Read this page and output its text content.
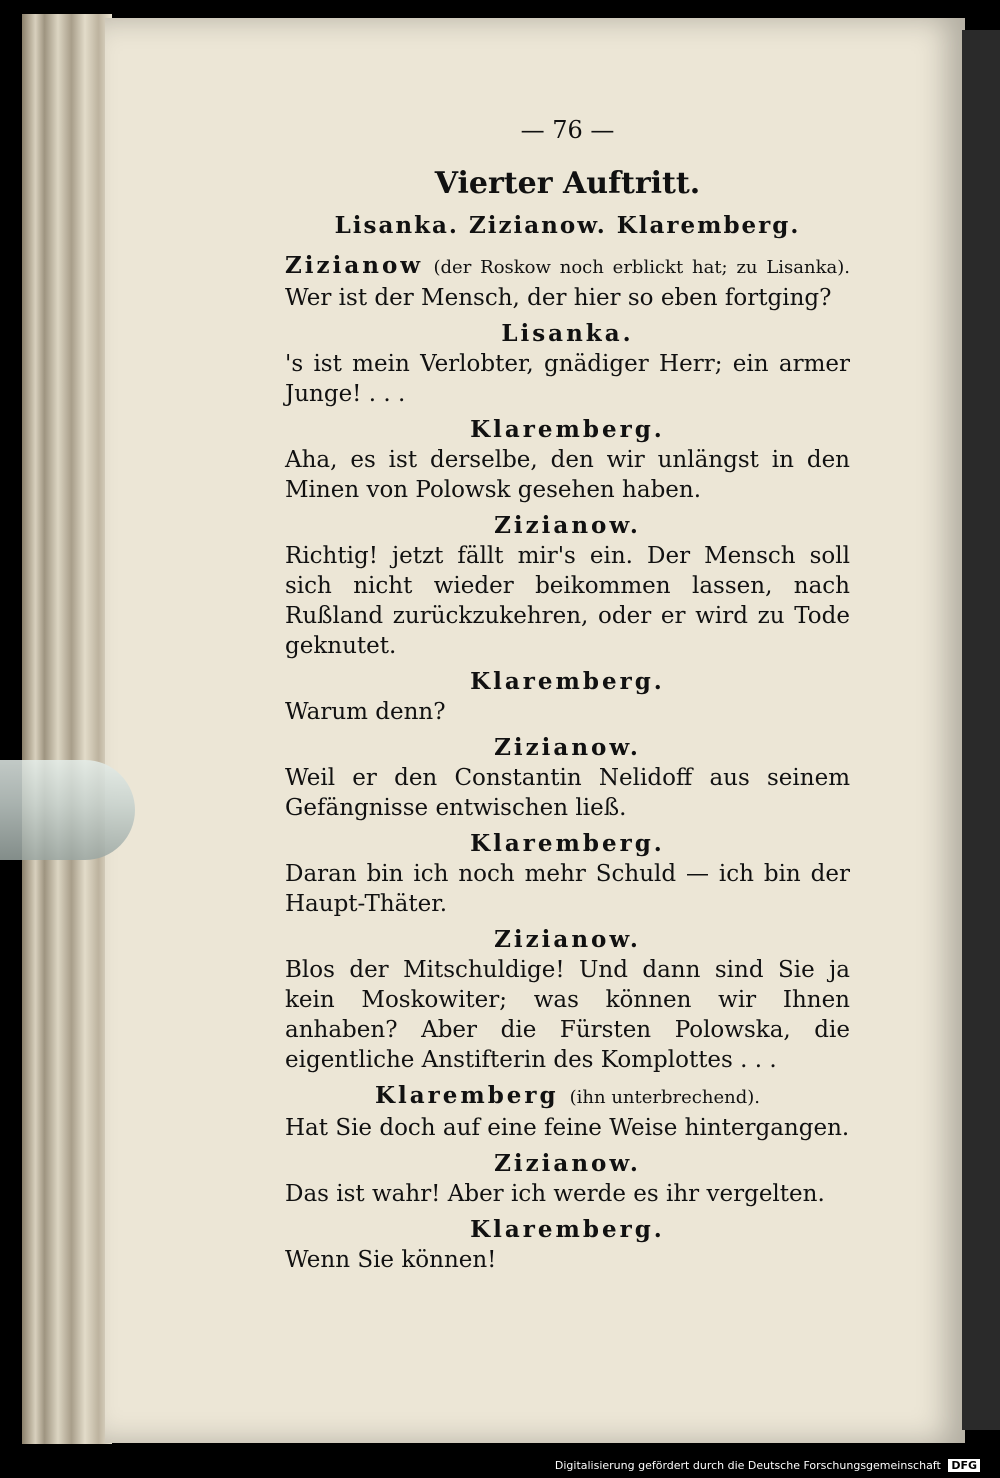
— 76 —
Vierter Auftritt.
Lisanka. Zizianow. Klaremberg.
Zizianow (der Roskow noch erblickt hat; zu Lisanka). Wer ist der Mensch, der hier so eben fortging?
Lisanka.
's ist mein Verlobter, gnädiger Herr; ein armer Junge! . . .
Klaremberg.
Aha, es ist derselbe, den wir unlängst in den Minen von Polowsk gesehen haben.
Zizianow.
Richtig! jetzt fällt mir's ein. Der Mensch soll sich nicht wieder beikommen lassen, nach Rußland zurückzukehren, oder er wird zu Tode geknutet.
Klaremberg.
Warum denn?
Zizianow.
Weil er den Constantin Nelidoff aus seinem Gefängnisse entwischen ließ.
Klaremberg.
Daran bin ich noch mehr Schuld — ich bin der Haupt-Thäter.
Zizianow.
Blos der Mitschuldige! Und dann sind Sie ja kein Moskowiter; was können wir Ihnen anhaben? Aber die Fürsten Polowska, die eigentliche Anstifterin des Komplottes . . .
Klaremberg (ihn unterbrechend).
Hat Sie doch auf eine feine Weise hintergangen.
Zizianow.
Das ist wahr! Aber ich werde es ihr vergelten.
Klaremberg.
Wenn Sie können!
Digitalisierung gefördert durch die Deutsche Forschungsgemeinschaft DFG
